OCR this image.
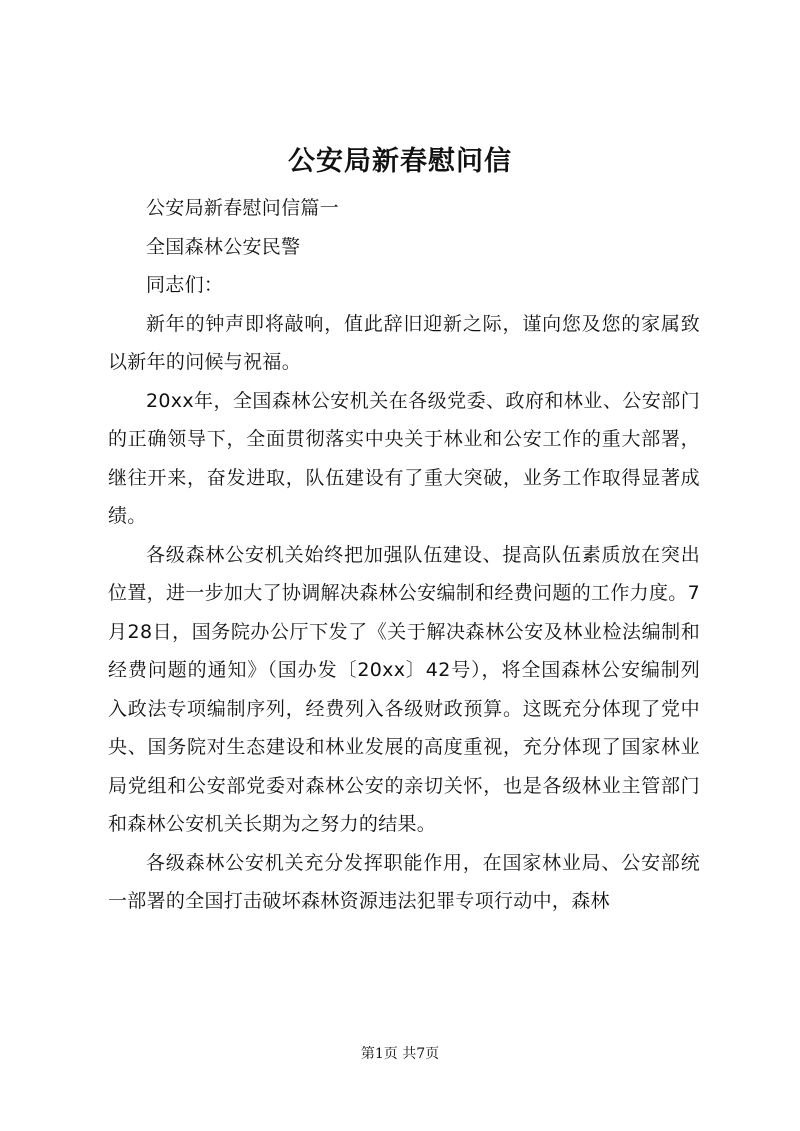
公安局新春慰问信

公安局新春慰问信篇一

全国森林公安民警

同志们：

新年的钟声即将敲响，值此辞旧迎新之际，谨向您及您的家属致以新年的问候与祝福。

20xx年，全国森林公安机关在各级党委、政府和林业、公安部门的正确领导下，全面贯彻落实中央关于林业和公安工作的重大部署，继往开来，奋发进取，队伍建设有了重大突破，业务工作取得显著成绩。

各级森林公安机关始终把加强队伍建设、提高队伍素质放在突出位置，进一步加大了协调解决森林公安编制和经费问题的工作力度。7月28日，国务院办公厅下发了《关于解决森林公安及林业检法编制和经费问题的通知》（国办发〔20xx〕42号），将全国森林公安编制列入政法专项编制序列，经费列入各级财政预算。这既充分体现了党中央、国务院对生态建设和林业发展的高度重视，充分体现了国家林业局党组和公安部党委对森林公安的亲切关怀，也是各级林业主管部门和森林公安机关长期为之努力的结果。

各级森林公安机关充分发挥职能作用，在国家林业局、公安部统一部署的全国打击破坏森林资源违法犯罪专项行动中，森林

第1页 共7页
